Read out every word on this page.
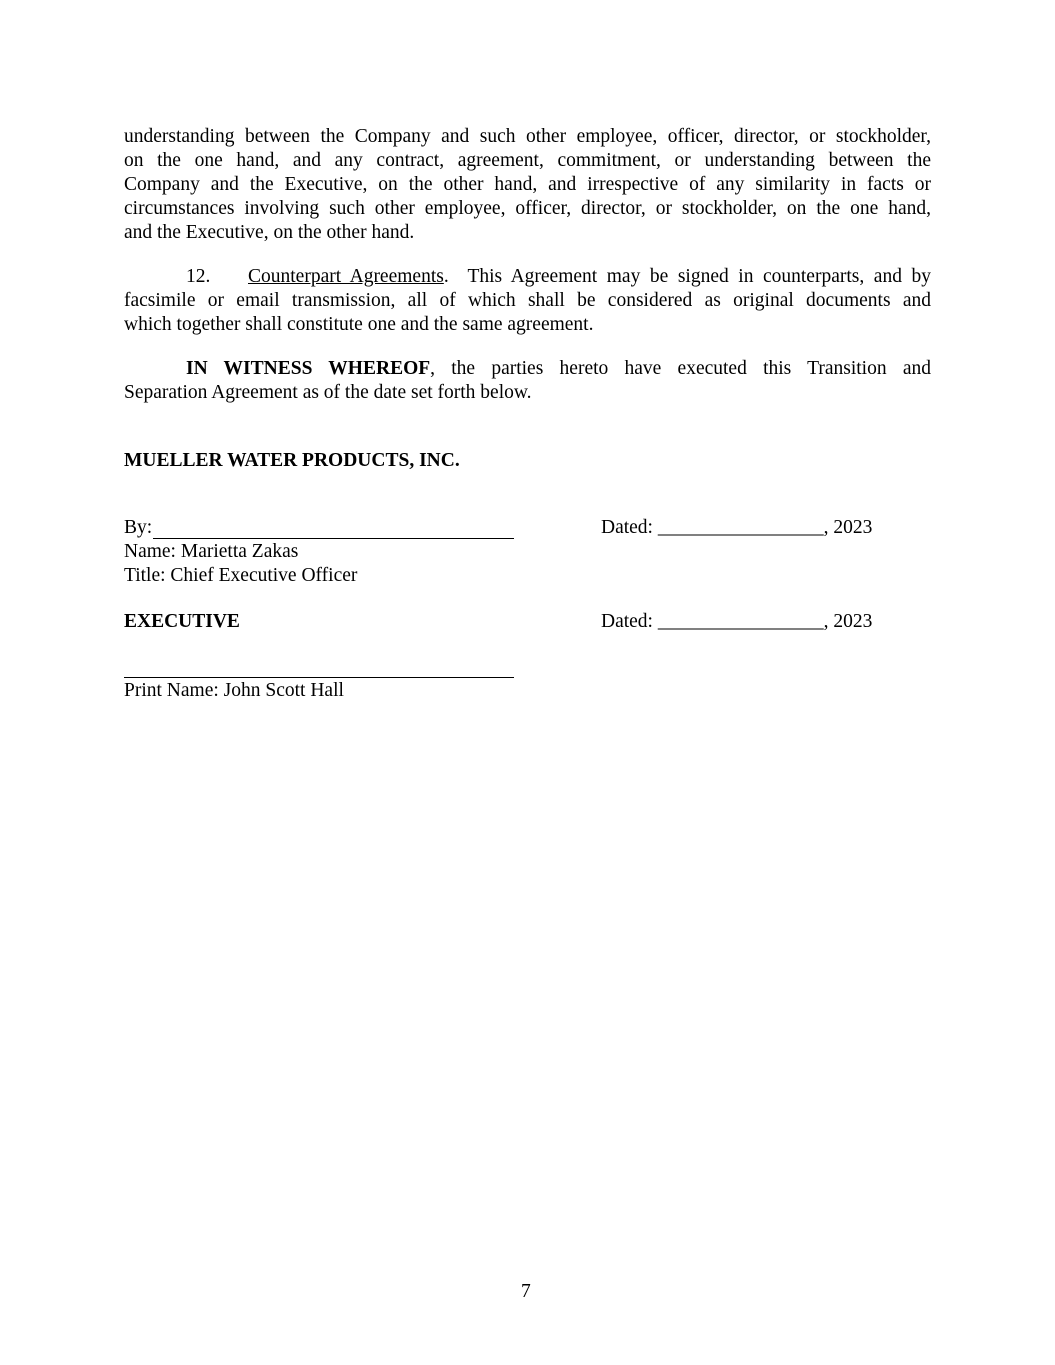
understanding between the Company and such other employee, officer, director, or stockholder,
on the one hand, and any contract, agreement, commitment, or understanding between the
Company and the Executive, on the other hand, and irrespective of any similarity in facts or
circumstances involving such other employee, officer, director, or stockholder, on the one hand,
and the Executive, on the other hand.
12. Counterpart Agreements.  This Agreement may be signed in counterparts, and by
facsimile or email transmission, all of which shall be considered as original documents and
which together shall constitute one and the same agreement.
IN WITNESS WHEREOF, the parties hereto have executed this Transition and
Separation Agreement as of the date set forth below.
MUELLER WATER PRODUCTS, INC.
By:	Dated: _________________, 2023
Name: Marietta Zakas
Title: Chief Executive Officer
EXECUTIVE	Dated: _________________, 2023
Print Name: John Scott Hall
7
